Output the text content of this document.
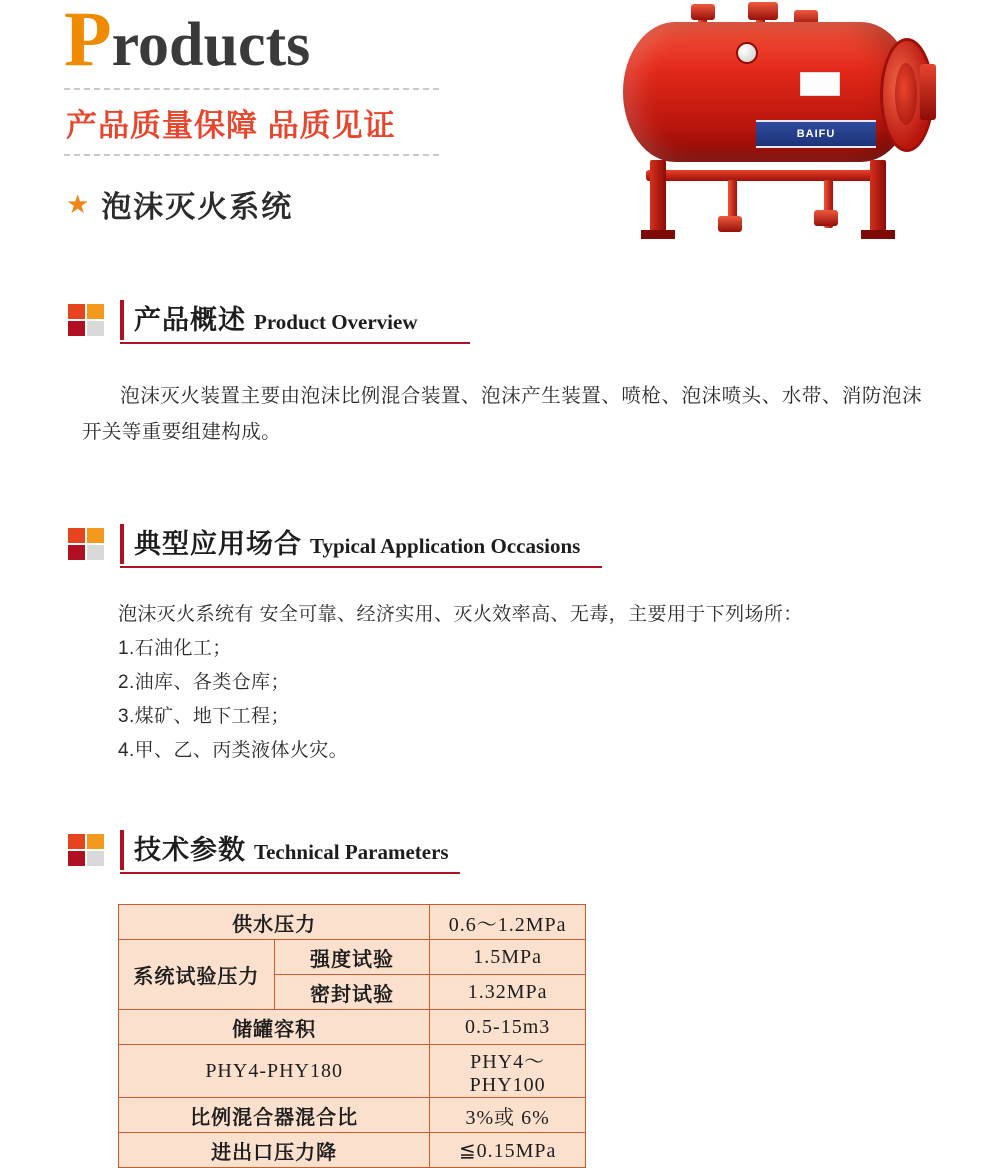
Products
产品质量保障 品质见证
★ 泡沫灭火系统
BAIFU
产品概述 Product Overview
泡沫灭火装置主要由泡沫比例混合装置、泡沫产生装置、喷枪、泡沫喷头、水带、消防泡沫开关等重要组建构成。
典型应用场合 Typical Application Occasions
泡沫灭火系统有 安全可靠、经济实用、灭火效率高、无毒，主要用于下列场所：
1.石油化工；
2.油库、各类仓库；
3.煤矿、地下工程；
4.甲、乙、丙类液体火灾。
技术参数 Technical Parameters
供水压力		0.6～1.2MPa
系统试验压力	强度试验	1.5MPa
	密封试验	1.32MPa
储罐容积		0.5-15m3
PHY4-PHY180		PHY4～PHY100
比例混合器混合比		3%或 6%
进出口压力降		≦0.15MPa
